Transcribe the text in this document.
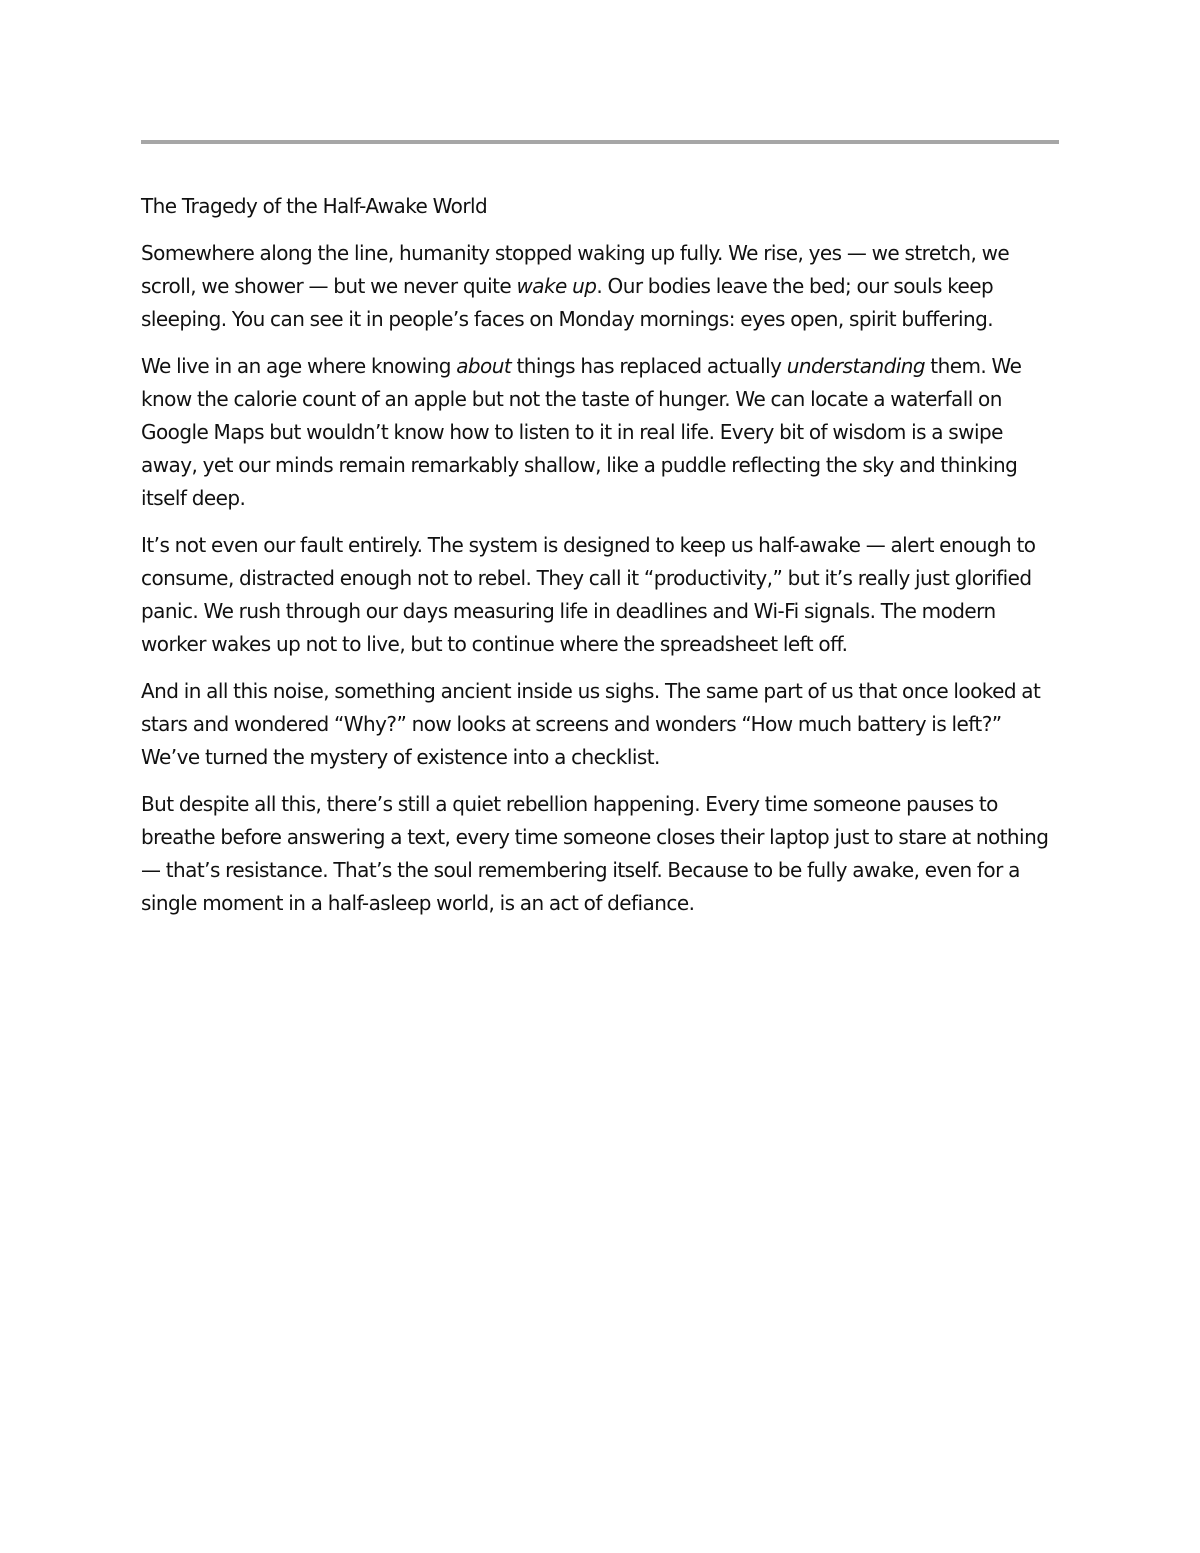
The Tragedy of the Half-Awake World

Somewhere along the line, humanity stopped waking up fully. We rise, yes — we stretch, we scroll, we shower — but we never quite wake up. Our bodies leave the bed; our souls keep sleeping. You can see it in people’s faces on Monday mornings: eyes open, spirit buffering.

We live in an age where knowing about things has replaced actually understanding them. We know the calorie count of an apple but not the taste of hunger. We can locate a waterfall on Google Maps but wouldn’t know how to listen to it in real life. Every bit of wisdom is a swipe away, yet our minds remain remarkably shallow, like a puddle reflecting the sky and thinking itself deep.

It’s not even our fault entirely. The system is designed to keep us half-awake — alert enough to consume, distracted enough not to rebel. They call it “productivity,” but it’s really just glorified panic. We rush through our days measuring life in deadlines and Wi-Fi signals. The modern worker wakes up not to live, but to continue where the spreadsheet left off.

And in all this noise, something ancient inside us sighs. The same part of us that once looked at stars and wondered “Why?” now looks at screens and wonders “How much battery is left?” We’ve turned the mystery of existence into a checklist.

But despite all this, there’s still a quiet rebellion happening. Every time someone pauses to breathe before answering a text, every time someone closes their laptop just to stare at nothing — that’s resistance. That’s the soul remembering itself. Because to be fully awake, even for a single moment in a half-asleep world, is an act of defiance.
